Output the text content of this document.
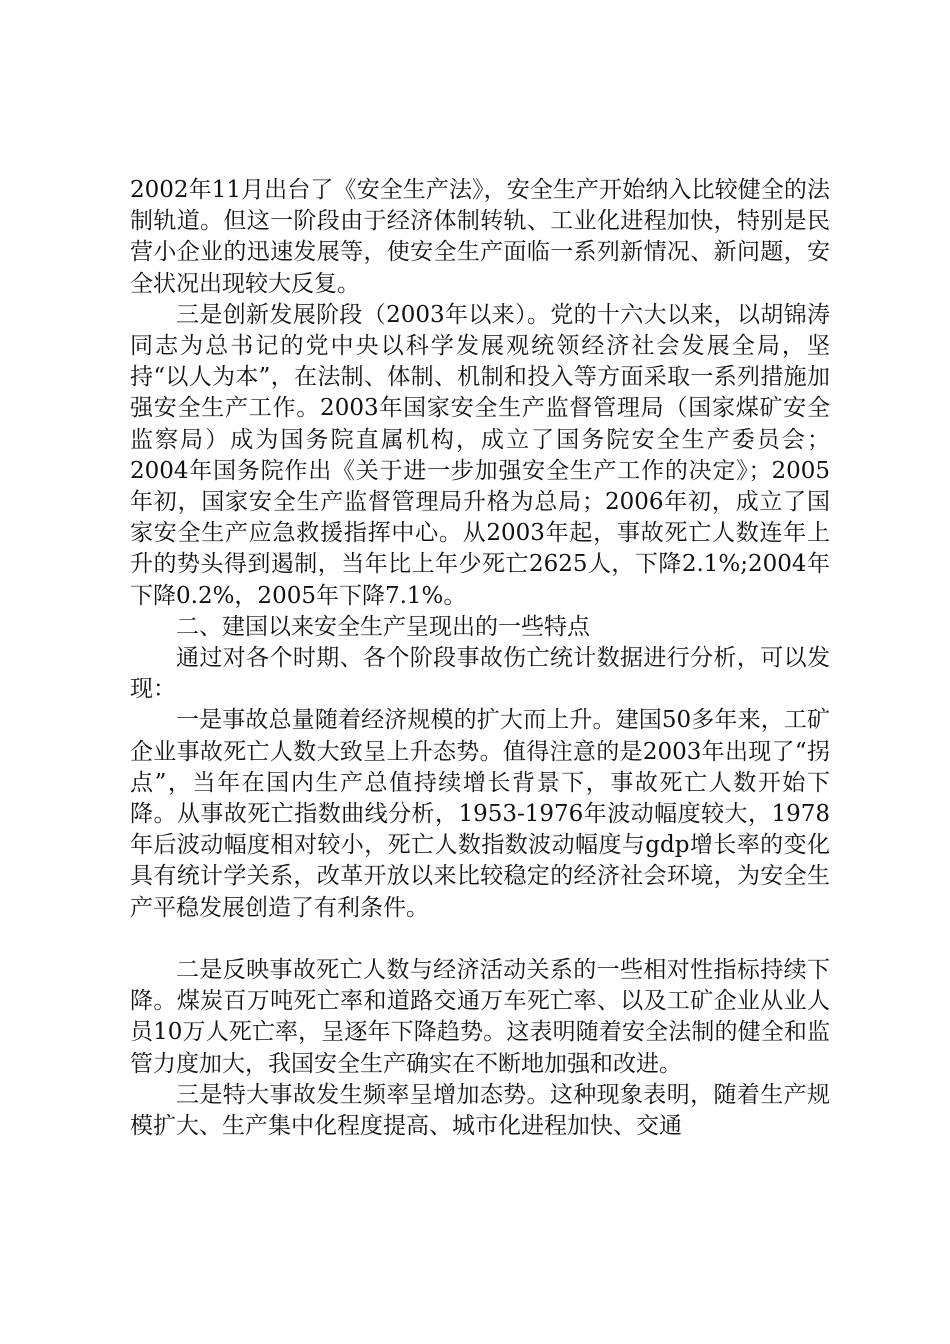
2002年11月出台了《安全生产法》，安全生产开始纳入比较健全的法制轨道。但这一阶段由于经济体制转轨、工业化进程加快，特别是民营小企业的迅速发展等，使安全生产面临一系列新情况、新问题，安全状况出现较大反复。

三是创新发展阶段（2003年以来）。党的十六大以来，以胡锦涛同志为总书记的党中央以科学发展观统领经济社会发展全局，坚持“以人为本”，在法制、体制、机制和投入等方面采取一系列措施加强安全生产工作。2003年国家安全生产监督管理局（国家煤矿安全监察局）成为国务院直属机构，成立了国务院安全生产委员会；2004年国务院作出《关于进一步加强安全生产工作的决定》；2005年初，国家安全生产监督管理局升格为总局；2006年初，成立了国家安全生产应急救援指挥中心。从2003年起，事故死亡人数连年上升的势头得到遏制，当年比上年少死亡2625人，下降2.1%;2004年下降0.2%，2005年下降7.1%。

二、建国以来安全生产呈现出的一些特点

通过对各个时期、各个阶段事故伤亡统计数据进行分析，可以发现：

一是事故总量随着经济规模的扩大而上升。建国50多年来，工矿企业事故死亡人数大致呈上升态势。值得注意的是2003年出现了“拐点”，当年在国内生产总值持续增长背景下，事故死亡人数开始下降。从事故死亡指数曲线分析，1953-1976年波动幅度较大，1978年后波动幅度相对较小，死亡人数指数波动幅度与gdp增长率的变化具有统计学关系，改革开放以来比较稳定的经济社会环境，为安全生产平稳发展创造了有利条件。

二是反映事故死亡人数与经济活动关系的一些相对性指标持续下降。煤炭百万吨死亡率和道路交通万车死亡率、以及工矿企业从业人员10万人死亡率，呈逐年下降趋势。这表明随着安全法制的健全和监管力度加大，我国安全生产确实在不断地加强和改进。

三是特大事故发生频率呈增加态势。这种现象表明，随着生产规模扩大、生产集中化程度提高、城市化进程加快、交通
